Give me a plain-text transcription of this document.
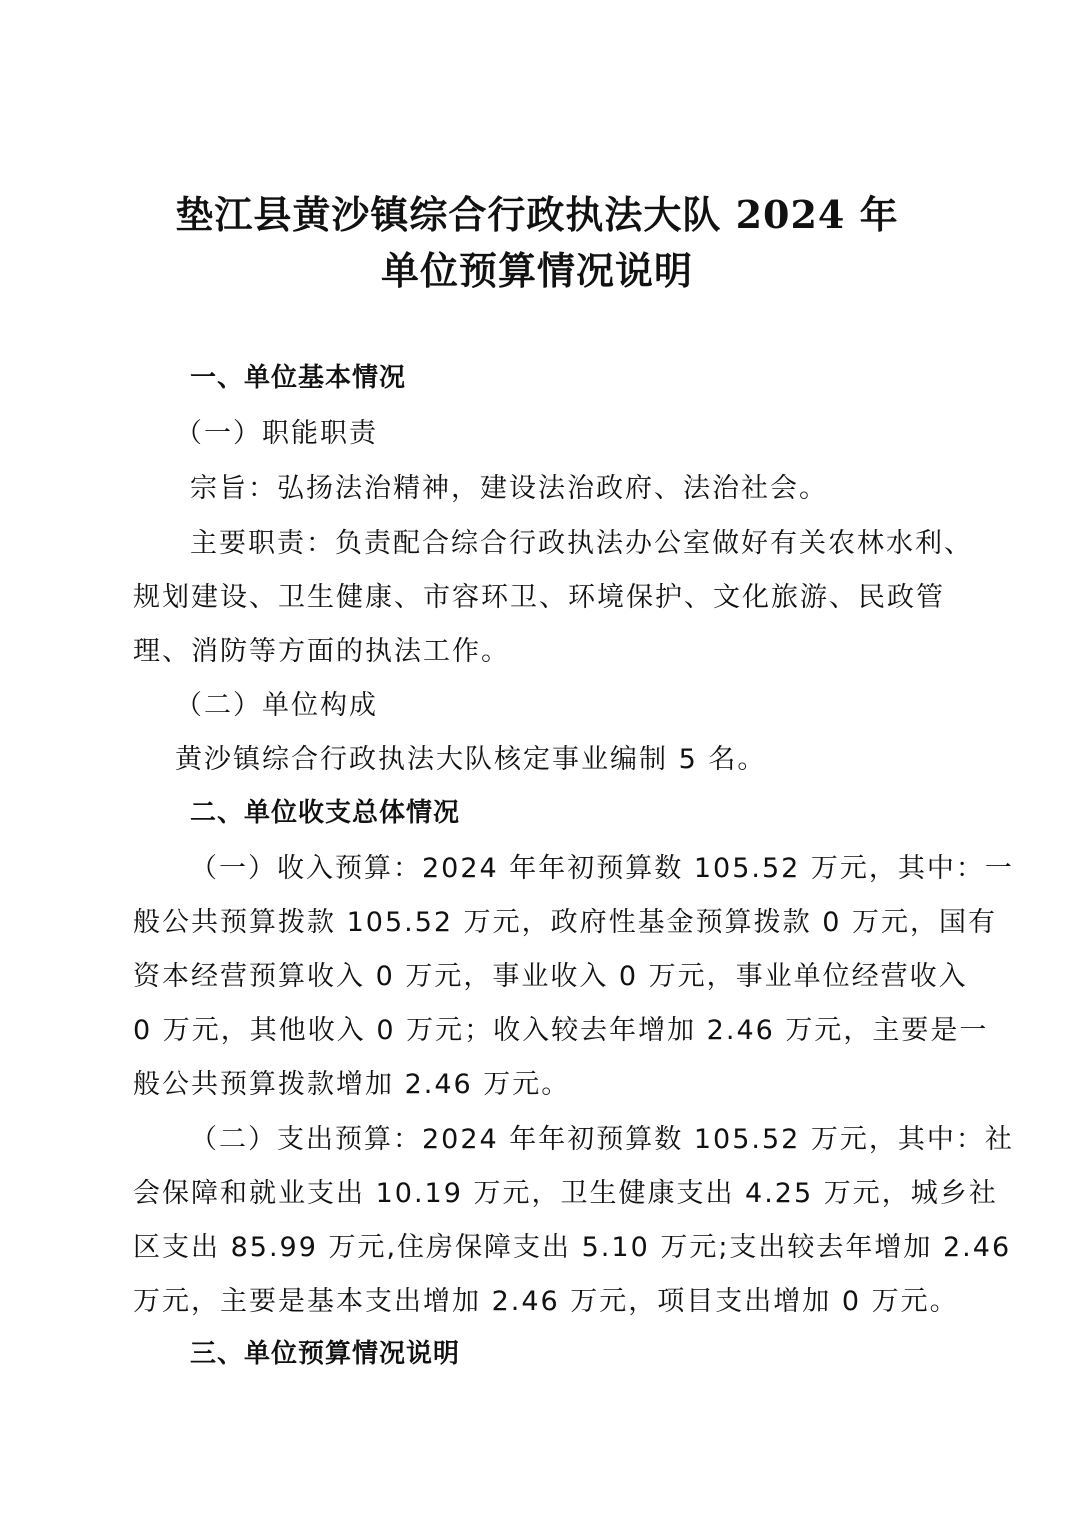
垫江县黄沙镇综合行政执法大队 2024 年
单位预算情况说明
一、单位基本情况
（一）职能职责
宗旨：弘扬法治精神，建设法治政府、法治社会。
主要职责：负责配合综合行政执法办公室做好有关农林水利、
规划建设、卫生健康、市容环卫、环境保护、文化旅游、民政管
理、消防等方面的执法工作。
（二）单位构成
黄沙镇综合行政执法大队核定事业编制 5 名。
二、单位收支总体情况
（一）收入预算：2024 年年初预算数 105.52 万元，其中：一
般公共预算拨款 105.52 万元，政府性基金预算拨款 0 万元，国有
资本经营预算收入 0 万元，事业收入 0 万元，事业单位经营收入
0 万元，其他收入 0 万元；收入较去年增加 2.46 万元，主要是一
般公共预算拨款增加 2.46 万元。
（二）支出预算：2024 年年初预算数 105.52 万元，其中：社
会保障和就业支出 10.19 万元，卫生健康支出 4.25 万元，城乡社
区支出 85.99 万元,住房保障支出 5.10 万元;支出较去年增加 2.46
万元，主要是基本支出增加 2.46 万元，项目支出增加 0 万元。
三、单位预算情况说明
